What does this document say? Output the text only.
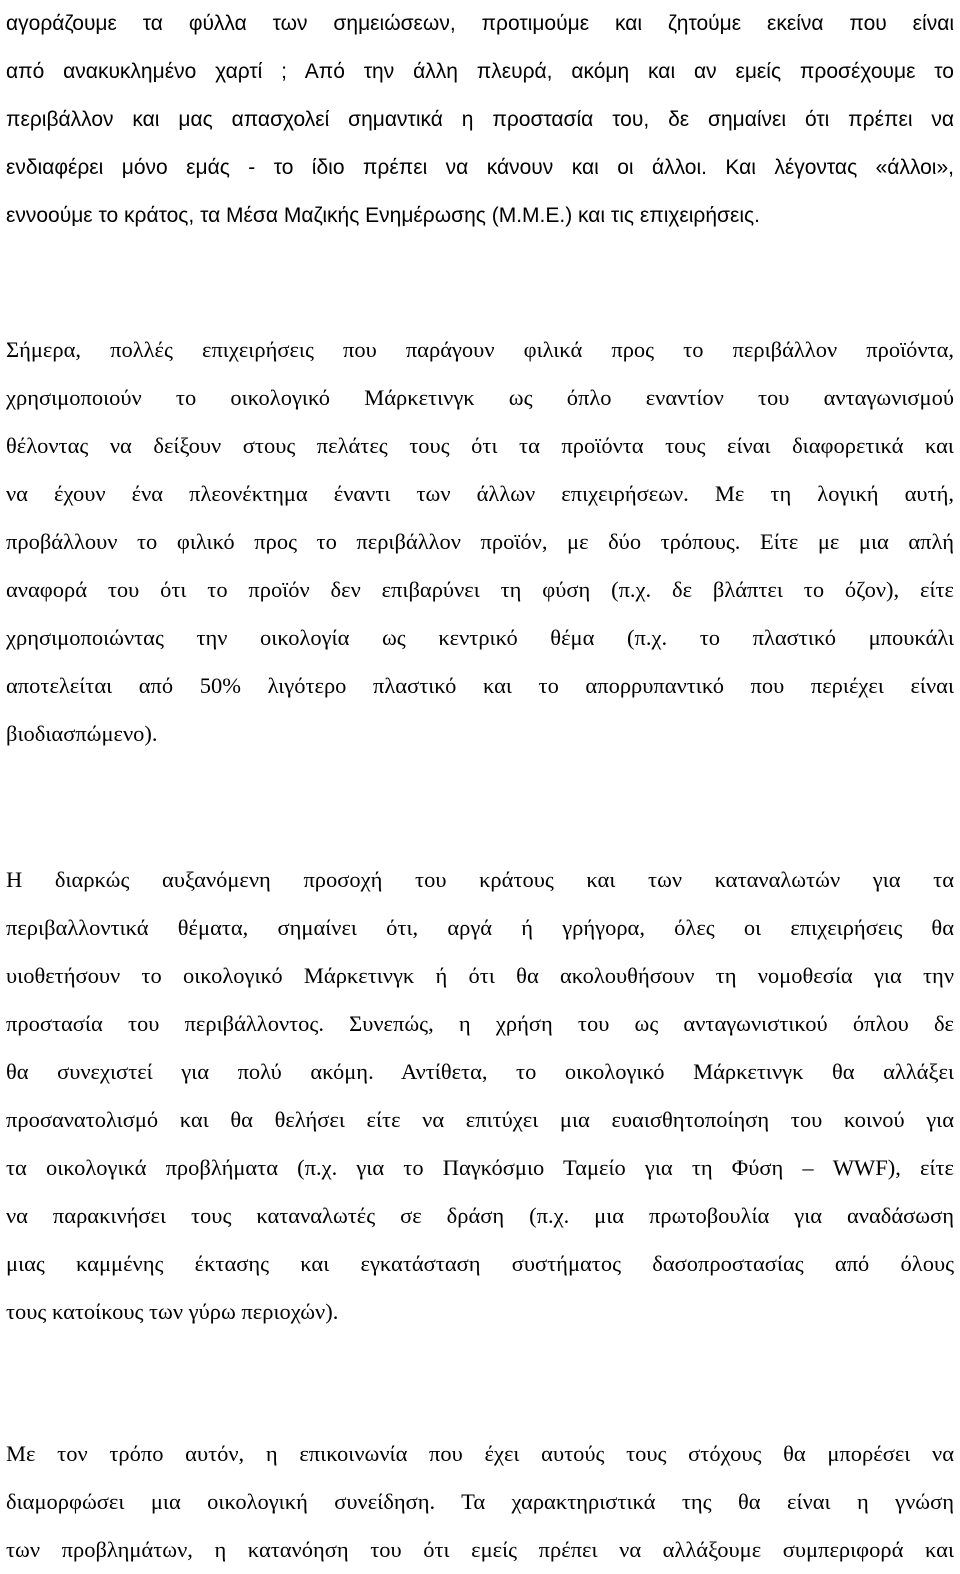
αγοράζουμε τα φύλλα των σημειώσεων, προτιμούμε και ζητούμε εκείνα που είναι
από ανακυκλημένο χαρτί ; Από την άλλη πλευρά, ακόμη και αν εμείς προσέχουμε το
περιβάλλον και μας απασχολεί σημαντικά η προστασία του, δε σημαίνει ότι πρέπει να
ενδιαφέρει μόνο εμάς - το ίδιο πρέπει να κάνουν και οι άλλοι. Και λέγοντας «άλλοι»,
εννοούμε το κράτος, τα Μέσα Μαζικής Ενημέρωσης (Μ.Μ.Ε.) και τις επιχειρήσεις.
Σήμερα, πολλές επιχειρήσεις που παράγουν φιλικά προς το περιβάλλον προϊόντα,
χρησιμοποιούν το οικολογικό Μάρκετινγκ ως όπλο εναντίον του ανταγωνισμού
θέλοντας να δείξουν στους πελάτες τους ότι τα προϊόντα τους είναι διαφορετικά και
να έχουν ένα πλεονέκτημα έναντι των άλλων επιχειρήσεων. Με τη λογική αυτή,
προβάλλουν το φιλικό προς το περιβάλλον προϊόν, με δύο τρόπους. Είτε με μια απλή
αναφορά του ότι το προϊόν δεν επιβαρύνει τη φύση (π.χ. δε βλάπτει το όζον), είτε
χρησιμοποιώντας την οικολογία ως κεντρικό θέμα (π.χ. το πλαστικό μπουκάλι
αποτελείται από 50% λιγότερο πλαστικό και το απορρυπαντικό που περιέχει είναι
βιοδιασπώμενο).
Η διαρκώς αυξανόμενη προσοχή του κράτους και των καταναλωτών για τα
περιβαλλοντικά θέματα, σημαίνει ότι, αργά ή γρήγορα, όλες οι επιχειρήσεις θα
υιοθετήσουν το οικολογικό Μάρκετινγκ ή ότι θα ακολουθήσουν τη νομοθεσία για την
προστασία του περιβάλλοντος. Συνεπώς, η χρήση του ως ανταγωνιστικού όπλου δε
θα συνεχιστεί για πολύ ακόμη. Αντίθετα, το οικολογικό Μάρκετινγκ θα αλλάξει
προσανατολισμό και θα θελήσει είτε να επιτύχει μια ευαισθητοποίηση του κοινού για
τα οικολογικά προβλήματα (π.χ. για το Παγκόσμιο Ταμείο για τη Φύση – WWF), είτε
να παρακινήσει τους καταναλωτές σε δράση (π.χ. μια πρωτοβουλία για αναδάσωση
μιας καμμένης έκτασης και εγκατάσταση συστήματος δασοπροστασίας από όλους
τους κατοίκους των γύρω περιοχών).
Με τον τρόπο αυτόν, η επικοινωνία που έχει αυτούς τους στόχους θα μπορέσει να
διαμορφώσει μια οικολογική συνείδηση. Τα χαρακτηριστικά της θα είναι η γνώση
των προβλημάτων, η κατανόηση του ότι εμείς πρέπει να αλλάξουμε συμπεριφορά και
